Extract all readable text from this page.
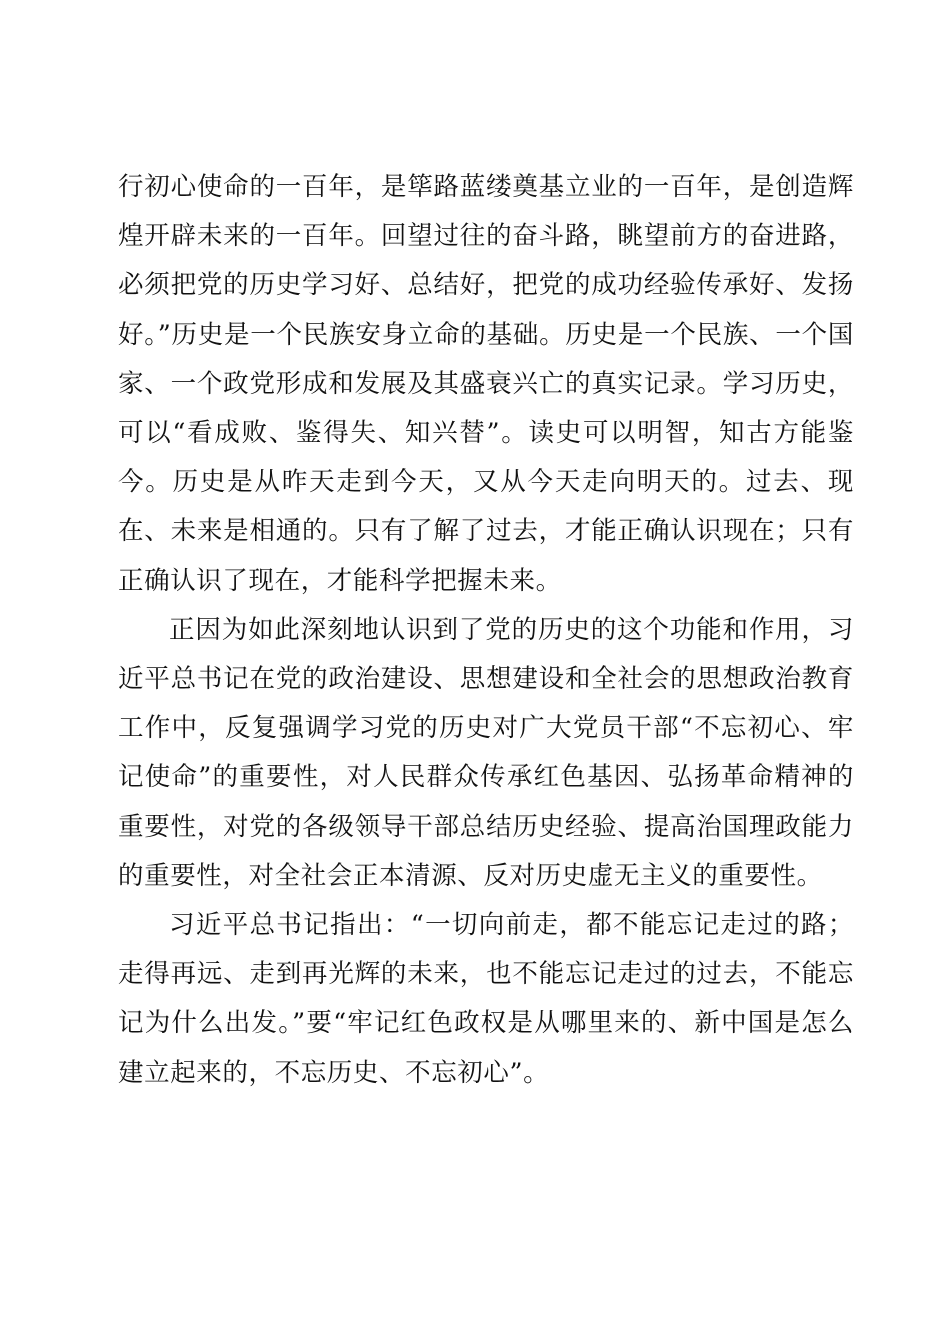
行初心使命的一百年，是筚路蓝缕奠基立业的一百年，是创造辉煌开辟未来的一百年。回望过往的奋斗路，眺望前方的奋进路，必须把党的历史学习好、总结好，把党的成功经验传承好、发扬好。”历史是一个民族安身立命的基础。历史是一个民族、一个国家、一个政党形成和发展及其盛衰兴亡的真实记录。学习历史，可以“看成败、鉴得失、知兴替”。读史可以明智，知古方能鉴今。历史是从昨天走到今天，又从今天走向明天的。过去、现在、未来是相通的。只有了解了过去，才能正确认识现在；只有正确认识了现在，才能科学把握未来。

正因为如此深刻地认识到了党的历史的这个功能和作用，习近平总书记在党的政治建设、思想建设和全社会的思想政治教育工作中，反复强调学习党的历史对广大党员干部“不忘初心、牢记使命”的重要性，对人民群众传承红色基因、弘扬革命精神的重要性，对党的各级领导干部总结历史经验、提高治国理政能力的重要性，对全社会正本清源、反对历史虚无主义的重要性。

习近平总书记指出：“一切向前走，都不能忘记走过的路；走得再远、走到再光辉的未来，也不能忘记走过的过去，不能忘记为什么出发。”要“牢记红色政权是从哪里来的、新中国是怎么建立起来的，不忘历史、不忘初心”。
